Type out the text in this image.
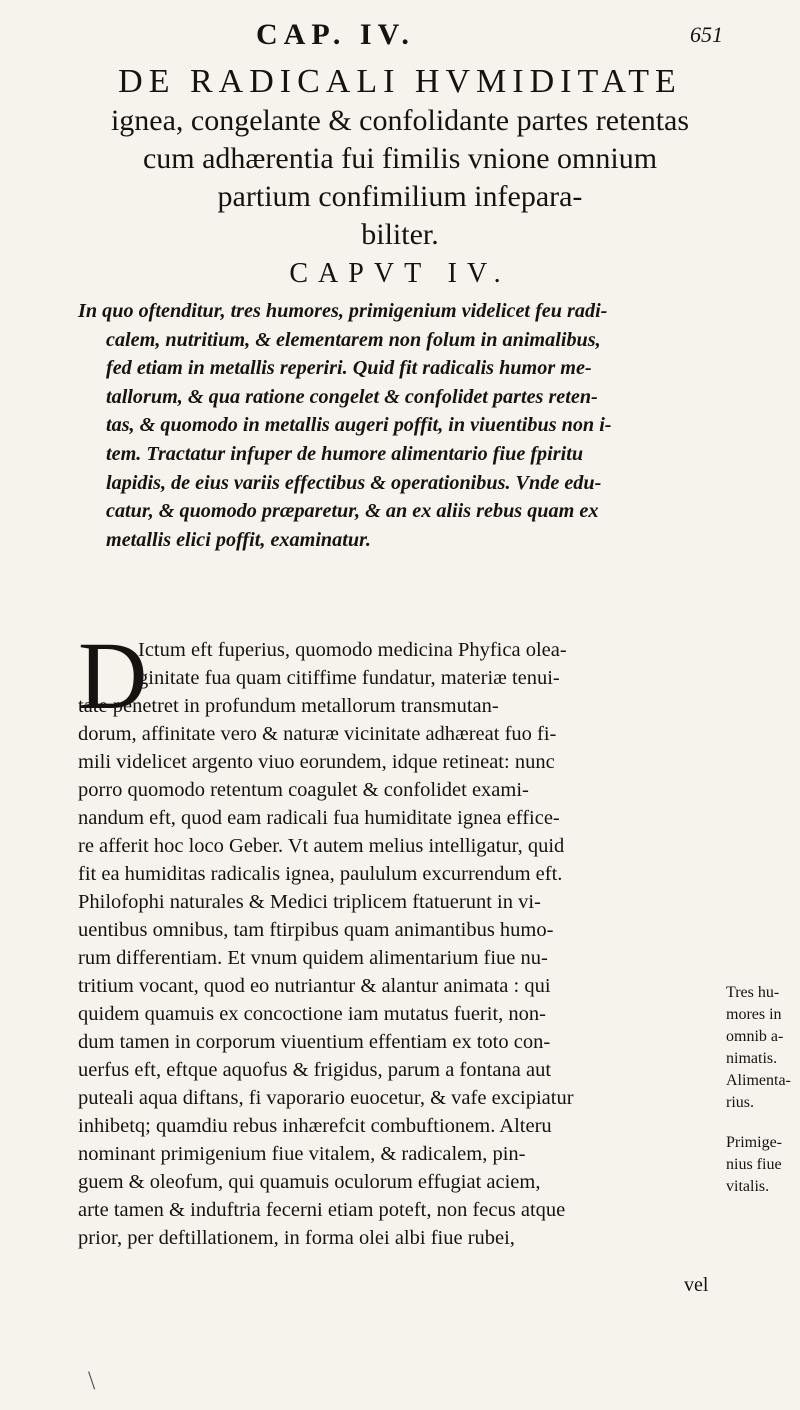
CAP. IV.	651
DE RADICALI HVMIDITATE
ignea, congelante & confolidante partes retentas
cum adhærentia fui fimilis vnione omnium
partium confimilium infepara-
biliter.
CAPVT IV.
In quo oftenditur, tres humores, primigenium videlicet feu radi-
calem, nutritium, & elementarem non folum in animalibus,
fed etiam in metallis reperiri. Quid fit radicalis humor me-
tallorum, & qua ratione congelet & confolidet partes reten-
tas, & quomodo in metallis augeri poffit, in viuentibus non i-
tem. Tractatur infuper de humore alimentario fiue fpiritu
lapidis, de eius variis effectibus & operationibus. Vnde edu-
catur, & quomodo præparetur, & an ex aliis rebus quam ex
metallis elici poffit, examinatur.
D
Ictum eft fuperius, quomodo medicina Phyfica olea-
ginitate fua quam citiffime fundatur, materiæ tenui-
tate penetret in profundum metallorum transmutan-
dorum, affinitate vero & naturæ vicinitate adhæreat fuo fi-
mili videlicet argento viuo eorundem, idque retineat: nunc
porro quomodo retentum coagulet & confolidet exami-
nandum eft, quod eam radicali fua humiditate ignea effice-
re afferit hoc loco Geber. Vt autem melius intelligatur, quid
fit ea humiditas radicalis ignea, paululum excurrendum eft.
Philofophi naturales & Medici triplicem ftatuerunt in vi-
uentibus omnibus, tam ftirpibus quam animantibus humo-
rum differentiam. Et vnum quidem alimentarium fiue nu-
tritium vocant, quod eo nutriantur & alantur animata : qui
quidem quamuis ex concoctione iam mutatus fuerit, non-
dum tamen in corporum viuentium effentiam ex toto con-
uerfus eft, eftque aquofus & frigidus, parum a fontana aut
puteali aqua diftans, fi vaporario euocetur, & vafe excipiatur
inhibetq; quamdiu rebus inhærefcit combuftionem. Alteru
nominant primigenium fiue vitalem, & radicalem, pin-
guem & oleofum, qui quamuis oculorum effugiat aciem,
arte tamen & induftria fecerni etiam poteft, non fecus atque
prior, per deftillationem, in forma olei albi fiue rubei,
Tres hu-
mores in
omnib a-
nimatis.
Alimenta-
rius.
Primige-
nius fiue
vitalis.
vel
\
